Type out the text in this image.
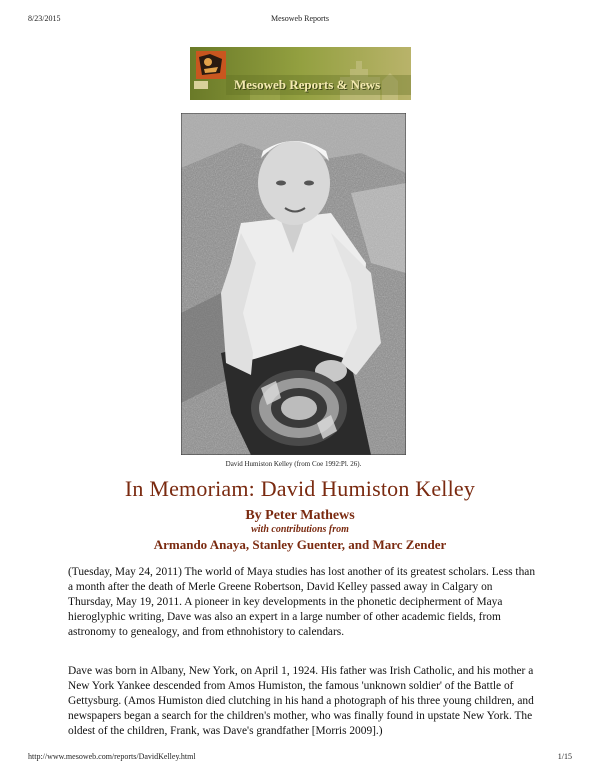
8/23/2015	Mesoweb Reports
Mesoweb Reports & News
David Humiston Kelley (from Coe 1992:Pl. 26).
In Memoriam: David Humiston Kelley
By Peter Mathews
with contributions from
Armando Anaya, Stanley Guenter, and Marc Zender

(Tuesday, May 24, 2011) The world of Maya studies has lost another of its greatest scholars. Less than a month after the death of Merle Greene Robertson, David Kelley passed away in Calgary on Thursday, May 19, 2011. A pioneer in key developments in the phonetic decipherment of Maya hieroglyphic writing, Dave was also an expert in a large number of other academic fields, from astronomy to genealogy, and from ethnohistory to calendars.

Dave was born in Albany, New York, on April 1, 1924. His father was Irish Catholic, and his mother a New York Yankee descended from Amos Humiston, the famous 'unknown soldier' of the Battle of Gettysburg. (Amos Humiston died clutching in his hand a photograph of his three young children, and newspapers began a search for the children's mother, who was finally found in upstate New York. The oldest of the children, Frank, was Dave's grandfather [Morris 2009].)

http://www.mesoweb.com/reports/DavidKelley.html	1/15
